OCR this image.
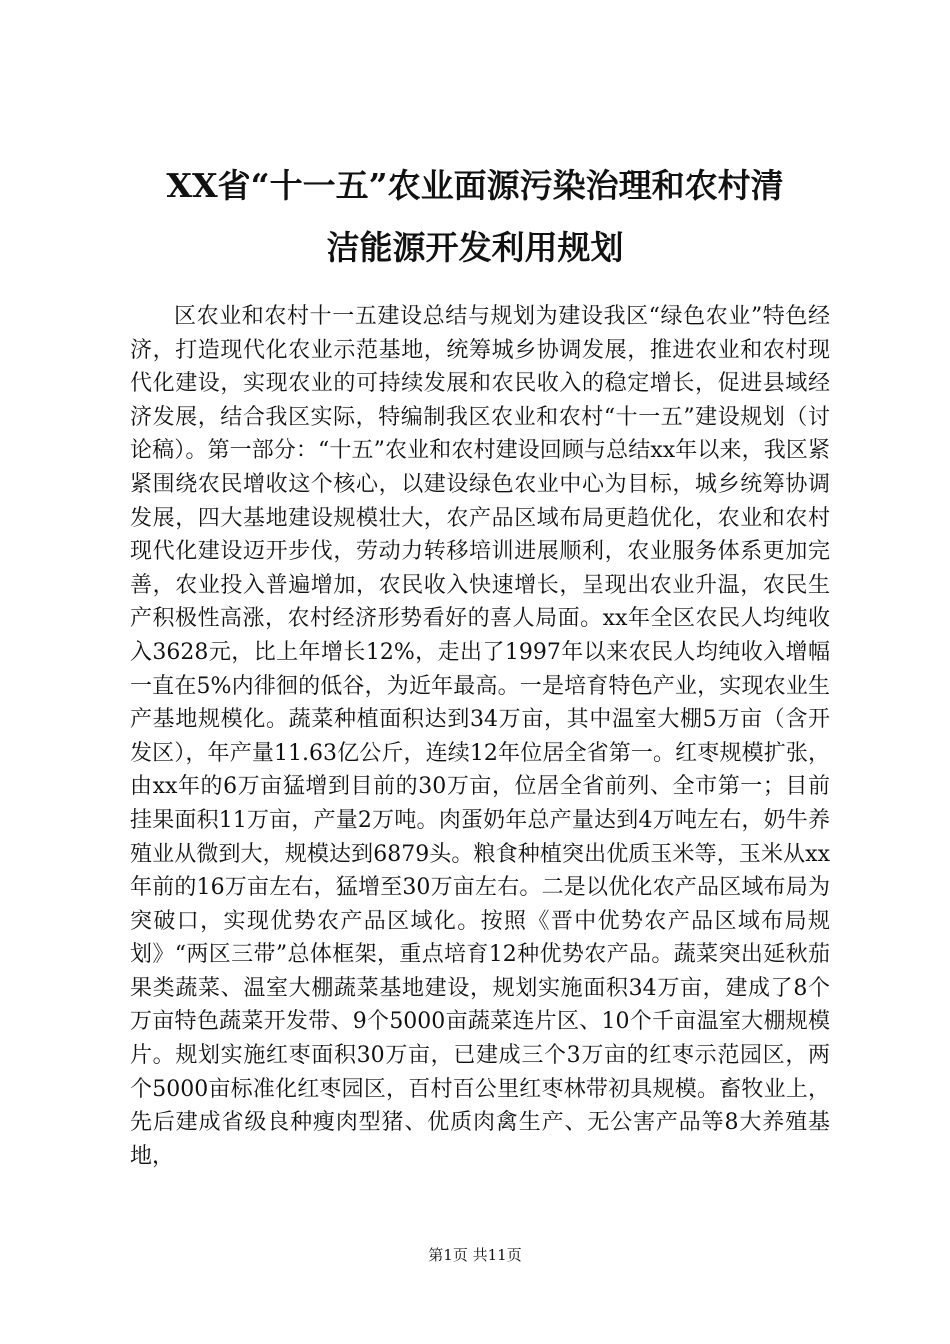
XX省“十一五”农业面源污染治理和农村清
洁能源开发利用规划
区农业和农村十一五建设总结与规划为建设我区“绿色农业”特色经济，打造现代化农业示范基地，统筹城乡协调发展，推进农业和农村现代化建设，实现农业的可持续发展和农民收入的稳定增长，促进县域经济发展，结合我区实际，特编制我区农业和农村“十一五”建设规划（讨论稿）。第一部分：“十五”农业和农村建设回顾与总结xx年以来，我区紧紧围绕农民增收这个核心，以建设绿色农业中心为目标，城乡统筹协调发展，四大基地建设规模壮大，农产品区域布局更趋优化，农业和农村现代化建设迈开步伐，劳动力转移培训进展顺利，农业服务体系更加完善，农业投入普遍增加，农民收入快速增长，呈现出农业升温，农民生产积极性高涨，农村经济形势看好的喜人局面。xx年全区农民人均纯收入3628元，比上年增长12%，走出了1997年以来农民人均纯收入增幅一直在5%内徘徊的低谷，为近年最高。一是培育特色产业，实现农业生产基地规模化。蔬菜种植面积达到34万亩，其中温室大棚5万亩（含开发区），年产量11.63亿公斤，连续12年位居全省第一。红枣规模扩张，由xx年的6万亩猛增到目前的30万亩，位居全省前列、全市第一；目前挂果面积11万亩，产量2万吨。肉蛋奶年总产量达到4万吨左右，奶牛养殖业从微到大，规模达到6879头。粮食种植突出优质玉米等，玉米从xx年前的16万亩左右，猛增至30万亩左右。二是以优化农产品区域布局为突破口，实现优势农产品区域化。按照《晋中优势农产品区域布局规划》“两区三带”总体框架，重点培育12种优势农产品。蔬菜突出延秋茄果类蔬菜、温室大棚蔬菜基地建设，规划实施面积34万亩，建成了8个万亩特色蔬菜开发带、9个5000亩蔬菜连片区、10个千亩温室大棚规模片。规划实施红枣面积30万亩，已建成三个3万亩的红枣示范园区，两个5000亩标准化红枣园区，百村百公里红枣林带初具规模。畜牧业上，先后建成省级良种瘦肉型猪、优质肉禽生产、无公害产品等8大养殖基地，
第1页 共11页
